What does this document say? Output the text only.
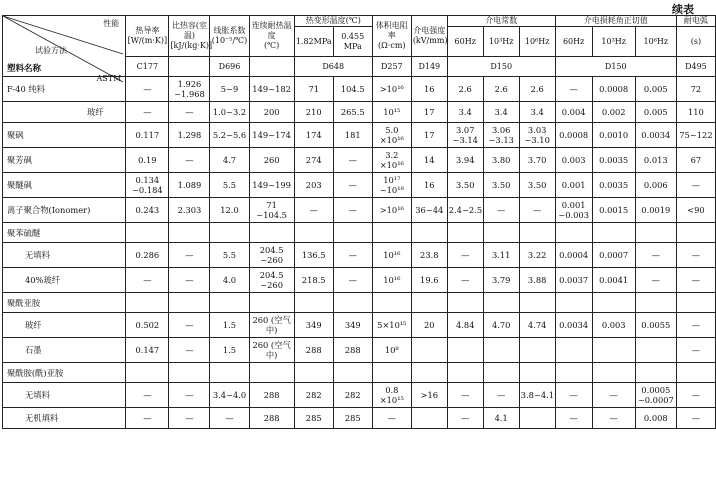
续表
性能
试验方法
ASTM
塑料名称	热导率
[W/(m·K)]	比热容(室温)
[kJ/(kg·K)]	线胀系数
(10⁻⁵/℃)	连续耐热温度
(℃)	热变形温度(℃)		体积电阻率
(Ω·cm)	介电强度
(kV/mm)	介电常数			介电损耗角正切值			耐电弧
					1.82MPa	0.455 MPa			60Hz	10³Hz	10⁶Hz	60Hz	10³Hz	10⁶Hz	(s)
	C177		D696		D648		D257	D149	D150			D150			D495
F-40 纯料	—	1.926 ~1.968	5~9	149~182	71	104.5	>10¹⁶	16	2.6	2.6	2.6	—	0.0008	0.005	72
玻纤	—	—	1.0~3.2	200	210	265.5	10¹⁵	17	3.4	3.4	3.4	0.004	0.002	0.005	110
聚砜	0.117	1.298	5.2~5.6	149~174	174	181	5.0 ×10¹⁶	17	3.07 ~3.14	3.06 ~3.13	3.03 ~3.10	0.0008	0.0010	0.0034	75~122
聚芳砜	0.19	—	4.7	260	274	—	3.2 ×10¹⁶	14	3.94	3.80	3.70	0.003	0.0035	0.013	67
聚醚砜	0.134 ~0.184	1.089	5.5	149~199	203	—	10¹⁷ ~10¹⁸	16	3.50	3.50	3.50	0.001	0.0035	0.006	—
离子聚合物(Ionomer)	0.243	2.303	12.0	71 ~104.5	—	—	>10¹⁶	36~44	2.4~2.5	—	—	0.001 ~0.003	0.0015	0.0019	<90
聚苯硫醚															
无填料	0.286	—	5.5	204.5 ~260	136.5	—	10¹⁶	23.8	—	3.11	3.22	0.0004	0.0007	—	—
40%玻纤	—	—	4.0	204.5 ~260	218.5	—	10¹⁶	19.6	—	3.79	3.88	0.0037	0.0041	—	—
聚酰亚胺															
玻纤	0.502	—	1.5	260 (空气中)	349	349	5×10¹⁵	20	4.84	4.70	4.74	0.0034	0.003	0.0055	—
石墨	0.147	—	1.5	260 (空气中)	288	288	10⁸								—
聚酰胺(酰)亚胺															
无填料	—	—	3.4~4.0	288	282	282	0.8 ×10¹⁵	>16	—	—	3.8~4.1	—	—	0.0005 ~0.0007	—
无机填料	—	—	—	288	285	285	—		—	4.1		—	—	0.008	—
